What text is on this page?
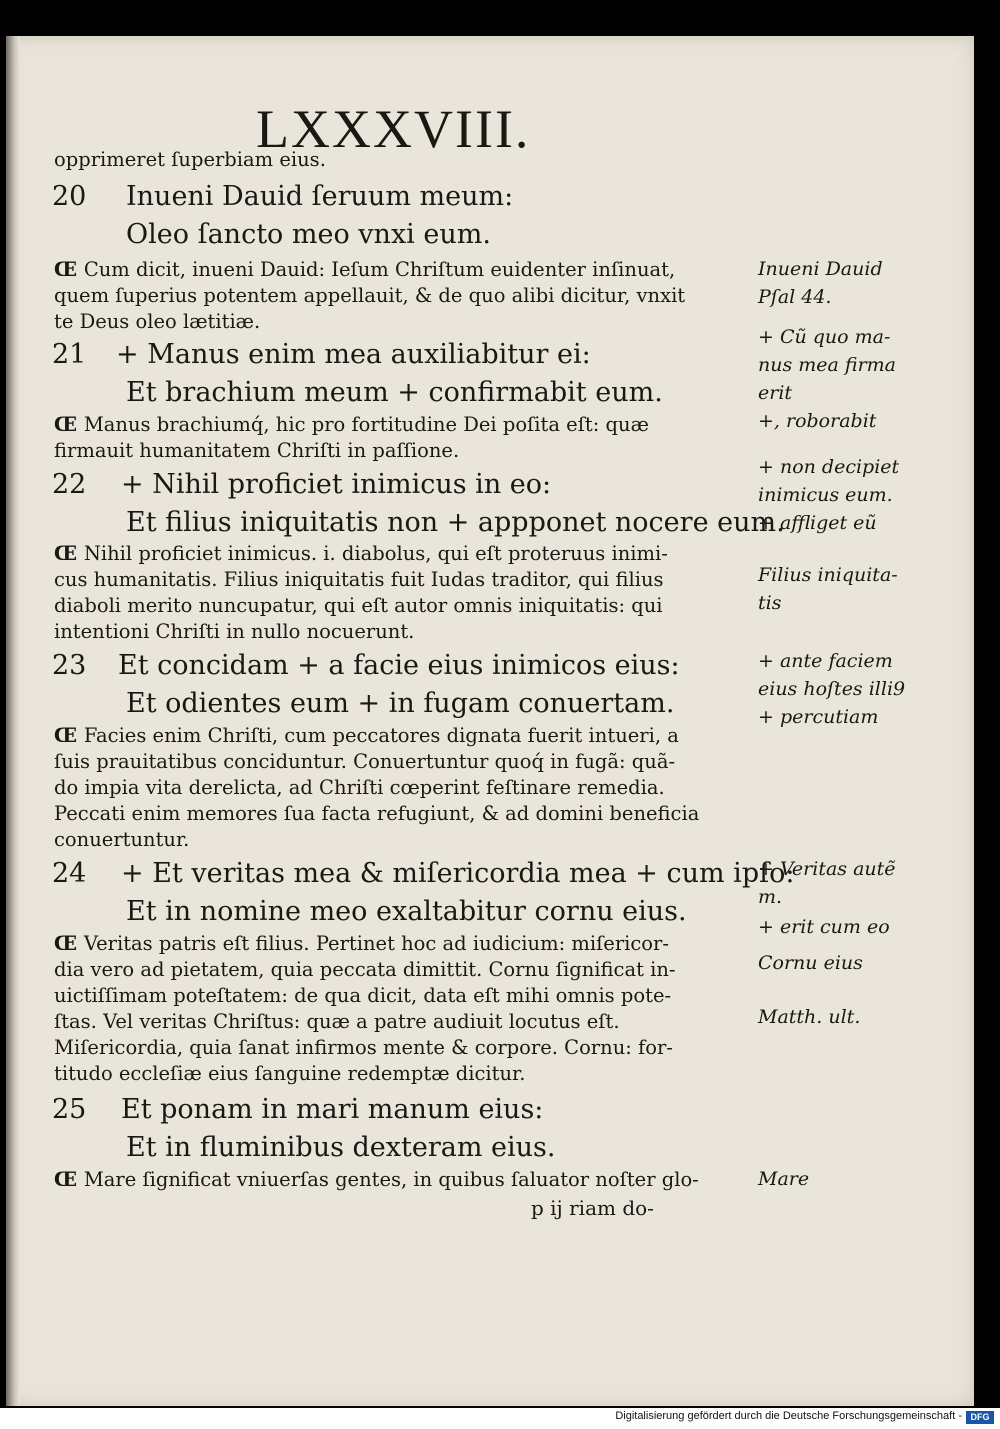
LXXXVIII.
opprimeret ſuperbiam eius.
20 Inueni Dauid ſeruum meum:
Oleo ſancto meo vnxi eum.
Œ Cum dicit, inueni Dauid: Ieſum Chriſtum euidenter inſinuat,
quem ſuperius potentem appellauit, & de quo alibi dicitur, vnxit
te Deus oleo lætitiæ.
21 + Manus enim mea auxiliabitur ei:
Et brachium meum + confirmabit eum.
Œ Manus brachiumq́, hic pro fortitudine Dei poſita eſt: quæ
firmauit humanitatem Chriſti in paſſione.
22 + Nihil proficiet inimicus in eo:
Et filius iniquitatis non + appponet nocere eum.
Œ Nihil proficiet inimicus. i. diabolus, qui eſt proteruus inimi-
cus humanitatis. Filius iniquitatis fuit Iudas traditor, qui filius
diaboli merito nuncupatur, qui eſt autor omnis iniquitatis: qui
intentioni Chriſti in nullo nocuerunt.
23 Et concidam + a facie eius inimicos eius:
Et odientes eum + in fugam conuertam.
Œ Facies enim Chriſti, cum peccatores dignata fuerit intueri, a
ſuis prauitatibus conciduntur. Conuertuntur quoq́ in fugã: quã-
do impia vita derelicta, ad Chriſti cœperint feſtinare remedia.
Peccati enim memores ſua facta refugiunt, & ad domini beneficia
conuertuntur.
24 + Et veritas mea & miſericordia mea + cum ipſo:
Et in nomine meo exaltabitur cornu eius.
Œ Veritas patris eſt filius. Pertinet hoc ad iudicium: miſericor-
dia vero ad pietatem, quia peccata dimittit. Cornu ſignificat in-
uictiſſimam poteſtatem: de qua dicit, data eſt mihi omnis pote-
ſtas. Vel veritas Chriſtus: quæ a patre audiuit locutus eſt.
Miſericordia, quia ſanat infirmos mente & corpore. Cornu: for-
titudo eccleſiæ eius ſanguine redemptæ dicitur.
25 Et ponam in mari manum eius:
Et in fluminibus dexteram eius.
Œ Mare ſignificat vniuerſas gentes, in quibus ſaluator noſter glo-
p ij riam do-
Inueni Dauid
Pſal 44.
+ Cũ quo ma-
nus mea firma
erit
+, roborabit
+ non decipiet
inimicus eum.
+ affliget eũ
Filius iniquita-
tis
+ ante faciem
eius hoſtes illi9
+ percutiam
+ Veritas autẽ
m.
+ erit cum eo
Cornu eius
Matth. ult.
Mare
Digitalisierung gefördert durch die Deutsche Forschungsgemeinschaft - DFG
